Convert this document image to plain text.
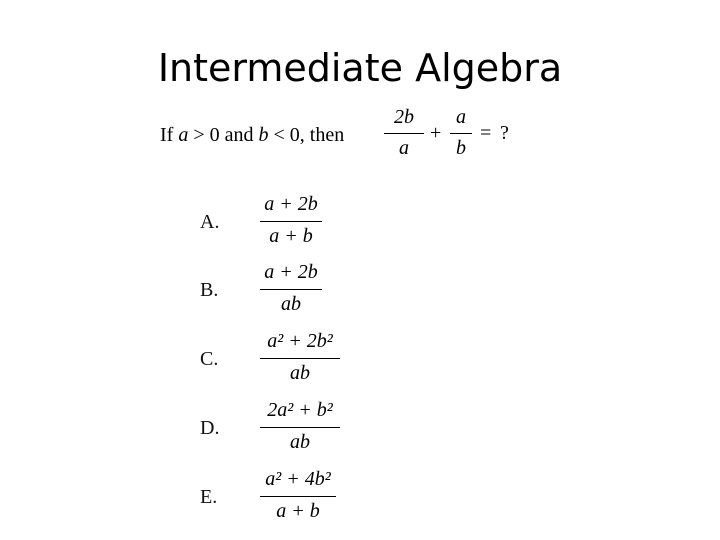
Intermediate Algebra
If a > 0 and b < 0, then
2b
a
+
a
b
= ?
A.
a + 2b
a + b
B.
a + 2b
ab
C.
a² + 2b²
ab
D.
2a² + b²
ab
E.
a² + 4b²
a + b
